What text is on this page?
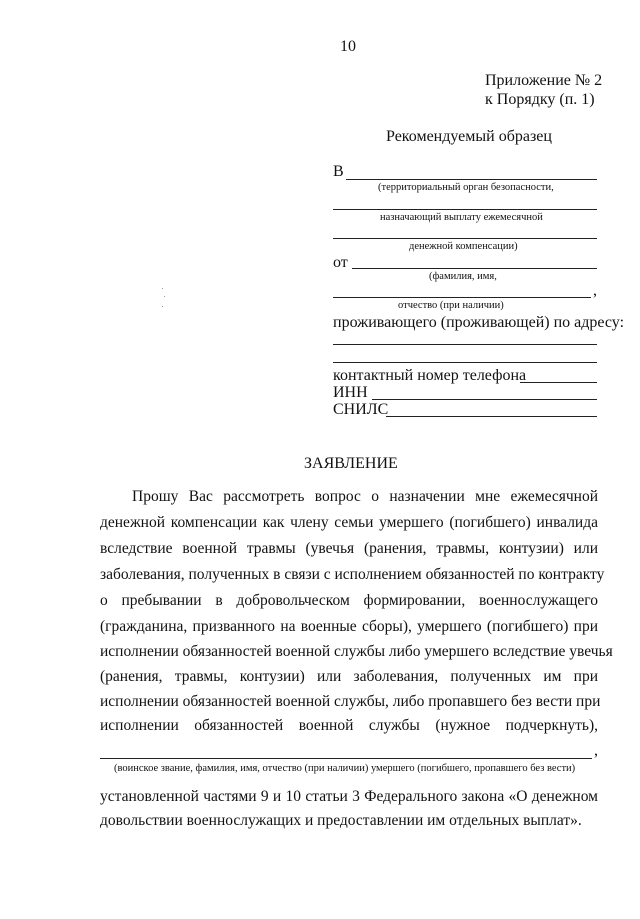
10
Приложение № 2
к Порядку (п. 1)
Рекомендуемый образец
В
(территориальный орган безопасности,
назначающий выплату ежемесячной
денежной компенсации)
от
(фамилия, имя,
,
отчество (при наличии)
проживающего (проживающей) по адресу:
контактный номер телефона
ИНН
СНИЛС
ЗАЯВЛЕНИЕ
Прошу Вас рассмотреть вопрос о назначении мне ежемесячной
денежной компенсации как члену семьи умершего (погибшего) инвалида
вследствие военной травмы (увечья (ранения, травмы, контузии) или
заболевания, полученных в связи с исполнением обязанностей по контракту
о пребывании в добровольческом формировании, военнослужащего
(гражданина, призванного на военные сборы), умершего (погибшего) при
исполнении обязанностей военной службы либо умершего вследствие увечья
(ранения, травмы, контузии) или заболевания, полученных им при
исполнении обязанностей военной службы, либо пропавшего без вести при
исполнении обязанностей военной службы (нужное подчеркнуть),
,
(воинское звание, фамилия, имя, отчество (при наличии) умершего (погибшего, пропавшего без вести)
установленной частями 9 и 10 статьи 3 Федерального закона «О денежном
довольствии военнослужащих и предоставлении им отдельных выплат».
